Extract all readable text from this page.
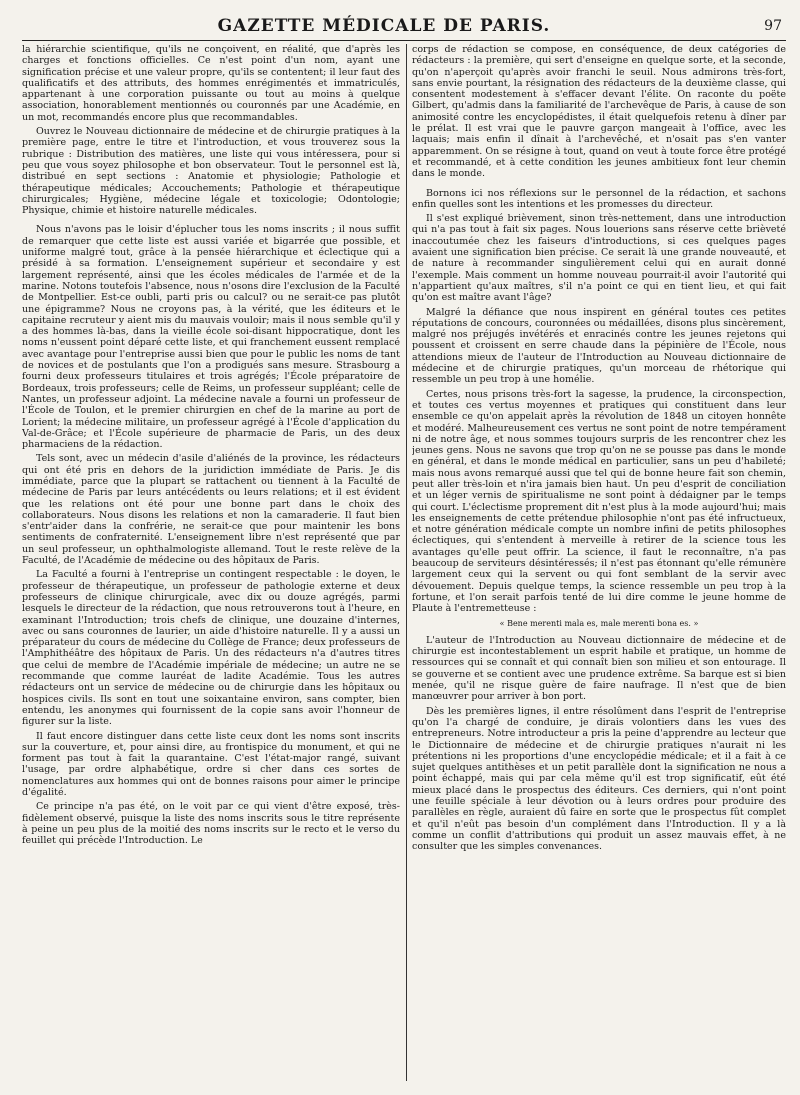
GAZETTE MÉDICALE DE PARIS.	97

la hiérarchie scientifique, qu'ils ne conçoivent, en réalité, que d'après les charges et fonctions officielles. Ce n'est point d'un nom, ayant une signification précise et une valeur propre, qu'ils se contentent; il leur faut des qualificatifs et des attributs, des hommes enrégimentés et immatriculés, appartenant à une corporation puissante ou tout au moins à quelque association, honorablement mentionnés ou couronnés par une Académie, en un mot, recommandés encore plus que recommandables.

Ouvrez le Nouveau dictionnaire de médecine et de chirurgie pratiques à la première page, entre le titre et l'introduction, et vous trouverez sous la rubrique : Distribution des matières, une liste qui vous intéressera, pour si peu que vous soyez philosophe et bon observateur. Tout le personnel est là, distribué en sept sections : Anatomie et physiologie; Pathologie et thérapeutique médicales; Accouchements; Pathologie et thérapeutique chirurgicales; Hygiène, médecine légale et toxicologie; Odontologie; Physique, chimie et histoire naturelle médicales.

Nous n'avons pas le loisir d'éplucher tous les noms inscrits ; il nous suffit de remarquer que cette liste est aussi variée et bigarrée que possible, et uniforme malgré tout, grâce à la pensée hiérarchique et éclectique qui a présidé à sa formation. L'enseignement supérieur et secondaire y est largement représenté, ainsi que les écoles médicales de l'armée et de la marine. Notons toutefois l'absence, nous n'osons dire l'exclusion de la Faculté de Montpellier. Est-ce oubli, parti pris ou calcul? ou ne serait-ce pas plutôt une épigramme? Nous ne croyons pas, à la vérité, que les éditeurs et le capitaine recruteur y aient mis du mauvais vouloir; mais il nous semble qu'il y a des hommes là-bas, dans la vieille école soi-disant hippocratique, dont les noms n'eussent point déparé cette liste, et qui franchement eussent remplacé avec avantage pour l'entreprise aussi bien que pour le public les noms de tant de novices et de postulants que l'on a prodigués sans mesure. Strasbourg a fourni deux professeurs titulaires et trois agrégés; l'École préparatoire de Bordeaux, trois professeurs; celle de Reims, un professeur suppléant; celle de Nantes, un professeur adjoint. La médecine navale a fourni un professeur de l'École de Toulon, et le premier chirurgien en chef de la marine au port de Lorient; la médecine militaire, un professeur agrégé à l'École d'application du Val-de-Grâce; et l'École supérieure de pharmacie de Paris, un des deux pharmaciens de la rédaction.

Tels sont, avec un médecin d'asile d'aliénés de la province, les rédacteurs qui ont été pris en dehors de la juridiction immédiate de Paris. Je dis immédiate, parce que la plupart se rattachent ou tiennent à la Faculté de médecine de Paris par leurs antécédents ou leurs relations; et il est évident que les relations ont été pour une bonne part dans le choix des collaborateurs. Nous disons les relations et non la camaraderie. Il faut bien s'entr'aider dans la confrérie, ne serait-ce que pour maintenir les bons sentiments de confraternité. L'enseignement libre n'est représenté que par un seul professeur, un ophthalmologiste allemand. Tout le reste relève de la Faculté, de l'Académie de médecine ou des hôpitaux de Paris.

La Faculté a fourni à l'entreprise un contingent respectable : le doyen, le professeur de thérapeutique, un professeur de pathologie externe et deux professeurs de clinique chirurgicale, avec dix ou douze agrégés, parmi lesquels le directeur de la rédaction, que nous retrouverons tout à l'heure, en examinant l'Introduction; trois chefs de clinique, une douzaine d'internes, avec ou sans couronnes de laurier, un aide d'histoire naturelle. Il y a aussi un préparateur du cours de médecine du Collège de France; deux professeurs de l'Amphithéâtre des hôpitaux de Paris. Un des rédacteurs n'a d'autres titres que celui de membre de l'Académie impériale de médecine; un autre ne se recommande que comme lauréat de ladite Académie. Tous les autres rédacteurs ont un service de médecine ou de chirurgie dans les hôpitaux ou hospices civils. Ils sont en tout une soixantaine environ, sans compter, bien entendu, les anonymes qui fournissent de la copie sans avoir l'honneur de figurer sur la liste.

Il faut encore distinguer dans cette liste ceux dont les noms sont inscrits sur la couverture, et, pour ainsi dire, au frontispice du monument, et qui ne forment pas tout à fait la quarantaine. C'est l'état-major rangé, suivant l'usage, par ordre alphabétique, ordre si cher dans ces sortes de nomenclatures aux hommes qui ont de bonnes raisons pour aimer le principe d'égalité.

Ce principe n'a pas été, on le voit par ce qui vient d'être exposé, très-fidèlement observé, puisque la liste des noms inscrits sous le titre représente à peine un peu plus de la moitié des noms inscrits sur le recto et le verso du feuillet qui précède l'Introduction. Le

corps de rédaction se compose, en conséquence, de deux catégories de rédacteurs : la première, qui sert d'enseigne en quelque sorte, et la seconde, qu'on n'aperçoit qu'après avoir franchi le seuil. Nous admirons très-fort, sans envie pourtant, la résignation des rédacteurs de la deuxième classe, qui consentent modestement à s'effacer devant l'élite. On raconte du poëte Gilbert, qu'admis dans la familiarité de l'archevêque de Paris, à cause de son animosité contre les encyclopédistes, il était quelquefois retenu à dîner par le prélat. Il est vrai que le pauvre garçon mangeait à l'office, avec les laquais; mais enfin il dînait à l'archevêché, et n'osait pas s'en vanter apparemment. On se résigne à tout, quand on veut à toute force être protégé et recommandé, et à cette condition les jeunes ambitieux font leur chemin dans le monde.

Bornons ici nos réflexions sur le personnel de la rédaction, et sachons enfin quelles sont les intentions et les promesses du directeur.

Il s'est expliqué brièvement, sinon très-nettement, dans une introduction qui n'a pas tout à fait six pages. Nous louerions sans réserve cette brièveté inaccoutumée chez les faiseurs d'introductions, si ces quelques pages avaient une signification bien précise. Ce serait là une grande nouveauté, et de nature à recommander singulièrement celui qui en aurait donné l'exemple. Mais comment un homme nouveau pourrait-il avoir l'autorité qui n'appartient qu'aux maîtres, s'il n'a point ce qui en tient lieu, et qui fait qu'on est maître avant l'âge?

Malgré la défiance que nous inspirent en général toutes ces petites réputations de concours, couronnées ou médaillées, disons plus sincèrement, malgré nos préjugés invétérés et enracinés contre les jeunes rejetons qui poussent et croissent en serre chaude dans la pépinière de l'École, nous attendions mieux de l'auteur de l'Introduction au Nouveau dictionnaire de médecine et de chirurgie pratiques, qu'un morceau de rhétorique qui ressemble un peu trop à une homélie.

Certes, nous prisons très-fort la sagesse, la prudence, la circonspection, et toutes ces vertus moyennes et pratiques qui constituent dans leur ensemble ce qu'on appelait après la révolution de 1848 un citoyen honnête et modéré. Malheureusement ces vertus ne sont point de notre tempérament ni de notre âge, et nous sommes toujours surpris de les rencontrer chez les jeunes gens. Nous ne savons que trop qu'on ne se pousse pas dans le monde en général, et dans le monde médical en particulier, sans un peu d'habileté; mais nous avons remarqué aussi que tel qui de bonne heure fait son chemin, peut aller très-loin et n'ira jamais bien haut. Un peu d'esprit de conciliation et un léger vernis de spiritualisme ne sont point à dédaigner par le temps qui court. L'éclectisme proprement dit n'est plus à la mode aujourd'hui; mais les enseignements de cette prétendue philosophie n'ont pas été infructueux, et notre génération médicale compte un nombre infini de petits philosophes éclectiques, qui s'entendent à merveille à retirer de la science tous les avantages qu'elle peut offrir. La science, il faut le reconnaître, n'a pas beaucoup de serviteurs désintéressés; il n'est pas étonnant qu'elle rémunère largement ceux qui la servent ou qui font semblant de la servir avec dévouement. Depuis quelque temps, la science ressemble un peu trop à la fortune, et l'on serait parfois tenté de lui dire comme le jeune homme de Plaute à l'entremetteuse :

« Bene merenti mala es, male merenti bona es. »

L'auteur de l'Introduction au Nouveau dictionnaire de médecine et de chirurgie est incontestablement un esprit habile et pratique, un homme de ressources qui se connaît et qui connaît bien son milieu et son entourage. Il se gouverne et se contient avec une prudence extrême. Sa barque est si bien menée, qu'il ne risque guère de faire naufrage. Il n'est que de bien manœuvrer pour arriver à bon port.

Dès les premières lignes, il entre résolûment dans l'esprit de l'entreprise qu'on l'a chargé de conduire, je dirais volontiers dans les vues des entrepreneurs. Notre introducteur a pris la peine d'apprendre au lecteur que le Dictionnaire de médecine et de chirurgie pratiques n'aurait ni les prétentions ni les proportions d'une encyclopédie médicale; et il a fait à ce sujet quelques antithèses et un petit parallèle dont la signification ne nous a point échappé, mais qui par cela même qu'il est trop significatif, eût été mieux placé dans le prospectus des éditeurs. Ces derniers, qui n'ont point une feuille spéciale à leur dévotion ou à leurs ordres pour produire des parallèles en règle, auraient dû faire en sorte que le prospectus fût complet et qu'il n'eût pas besoin d'un complément dans l'Introduction. Il y a là comme un conflit d'attributions qui produit un assez mauvais effet, à ne consulter que les simples convenances.
